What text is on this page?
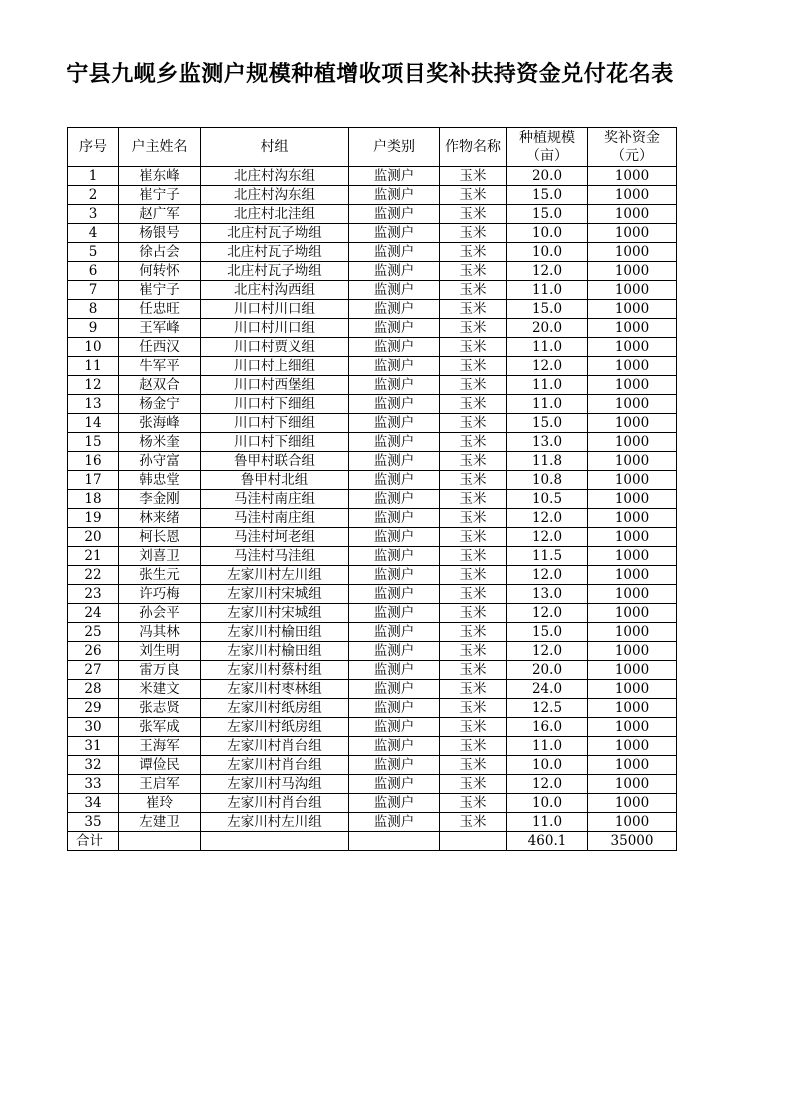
宁县九岘乡监测户规模种植增收项目奖补扶持资金兑付花名表
序号	户主姓名	村组	户类别	作物名称	种植规模（亩）	奖补资金（元）
1	崔东峰	北庄村沟东组	监测户	玉米	20.0	1000
2	崔宁子	北庄村沟东组	监测户	玉米	15.0	1000
3	赵广军	北庄村北洼组	监测户	玉米	15.0	1000
4	杨银号	北庄村瓦子坳组	监测户	玉米	10.0	1000
5	徐占会	北庄村瓦子坳组	监测户	玉米	10.0	1000
6	何转怀	北庄村瓦子坳组	监测户	玉米	12.0	1000
7	崔宁子	北庄村沟西组	监测户	玉米	11.0	1000
8	任忠旺	川口村川口组	监测户	玉米	15.0	1000
9	王军峰	川口村川口组	监测户	玉米	20.0	1000
10	任西汉	川口村贾义组	监测户	玉米	11.0	1000
11	牛军平	川口村上细组	监测户	玉米	12.0	1000
12	赵双合	川口村西堡组	监测户	玉米	11.0	1000
13	杨金宁	川口村下细组	监测户	玉米	11.0	1000
14	张海峰	川口村下细组	监测户	玉米	15.0	1000
15	杨米奎	川口村下细组	监测户	玉米	13.0	1000
16	孙守富	鲁甲村联合组	监测户	玉米	11.8	1000
17	韩忠堂	鲁甲村北组	监测户	玉米	10.8	1000
18	李金刚	马洼村南庄组	监测户	玉米	10.5	1000
19	林来绪	马洼村南庄组	监测户	玉米	12.0	1000
20	柯长恩	马洼村坷老组	监测户	玉米	12.0	1000
21	刘喜卫	马洼村马洼组	监测户	玉米	11.5	1000
22	张生元	左家川村左川组	监测户	玉米	12.0	1000
23	许巧梅	左家川村宋城组	监测户	玉米	13.0	1000
24	孙会平	左家川村宋城组	监测户	玉米	12.0	1000
25	冯其林	左家川村榆田组	监测户	玉米	15.0	1000
26	刘生明	左家川村榆田组	监测户	玉米	12.0	1000
27	雷万良	左家川村蔡村组	监测户	玉米	20.0	1000
28	米建文	左家川村枣林组	监测户	玉米	24.0	1000
29	张志贤	左家川村纸房组	监测户	玉米	12.5	1000
30	张军成	左家川村纸房组	监测户	玉米	16.0	1000
31	王海军	左家川村肖台组	监测户	玉米	11.0	1000
32	谭俭民	左家川村肖台组	监测户	玉米	10.0	1000
33	王启军	左家川村马沟组	监测户	玉米	12.0	1000
34	崔玲	左家川村肖台组	监测户	玉米	10.0	1000
35	左建卫	左家川村左川组	监测户	玉米	11.0	1000
合计					460.1	35000
